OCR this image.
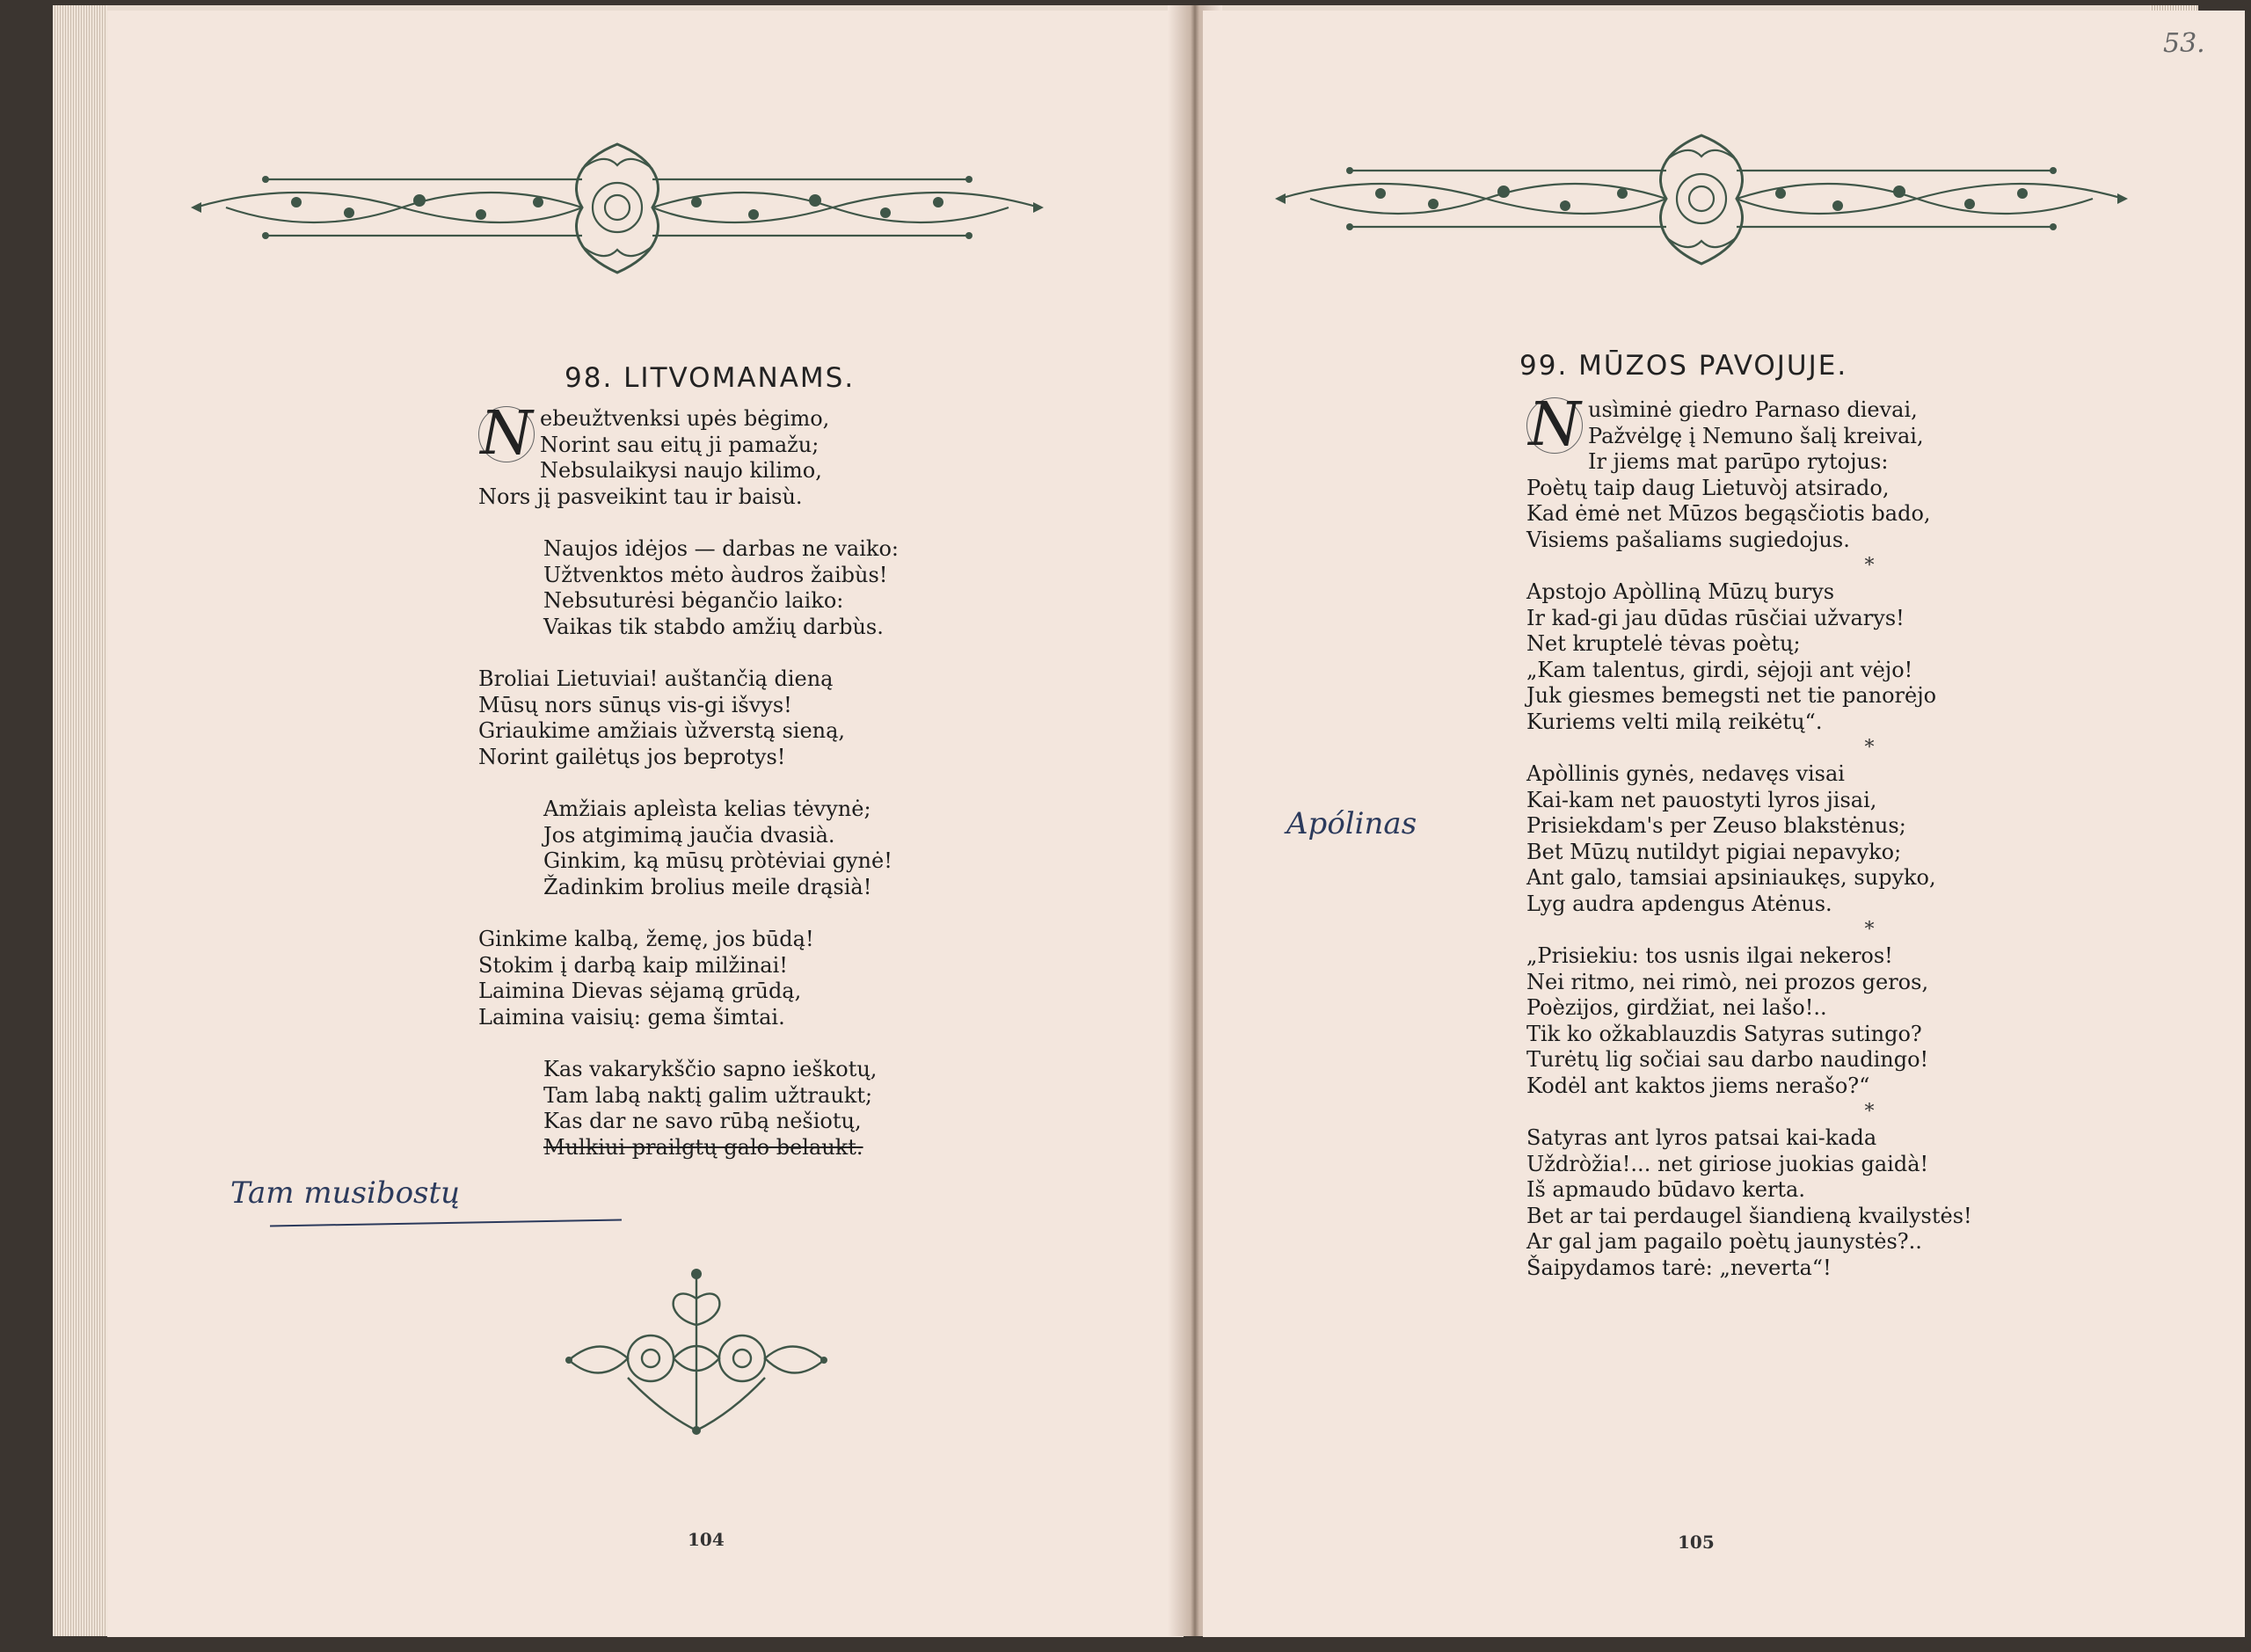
98. LITVOMANAMS.
N ebeužtvenksi upės bėgimo,
Norint sau eitų ji pamažu;
Nebsulaikysi naujo kilimo,
Nors jį pasveikint tau ir baisù.
Naujos idėjos — darbas ne vaiko:
Užtvenktos mėto àudros žaibùs!
Nebsuturėsi bėgančio laiko:
Vaikas tik stabdo amžių darbùs.
Broliai Lietuviai! auštančią dieną
Mūsų nors sūnųs vis-gi išvys!
Griaukime amžiais ùžverstą sieną,
Norint gailėtųs jos beprotys!
Amžiais apleìsta kelias tėvynė;
Jos atgimimą jaučia dvasià.
Ginkim, ką mūsų pròtėviai gynė!
Žadinkim brolius meile drąsià!
Ginkime kalbą, žemę, jos būdą!
Stokim į darbą kaip milžinai!
Laimina Dievas sėjamą grūdą,
Laimina vaisių: gema šimtai.
Kas vakarykščio sapno ieškotų,
Tam labą naktį galim užtraukt;
Kas dar ne savo rūbą nešiotų,
Mulkiui prailgtų galo belaukt.
Tam musibostų
104
53.
99. MŪZOS PAVOJUJE.
N usìminė giedro Parnaso dievai,
Pažvėlgę į Nemuno šalį kreivai,
Ir jiems mat parūpo rytojus:
Poètų taip daug Lietuvòj atsirado,
Kad ėmė net Mūzos begąsčiotis bado,
Visiems pašaliams sugiedojus.
*
Apstojo Apòlliną Mūzų burys
Ir kad-gi jau dūdas rūsčiai užvarys!
Net kruptelė tėvas poètų;
„Kam talentus, girdi, sėjoji ant vėjo!
Juk giesmes bemegsti net tie panorėjo
Kuriems velti milą reikėtų“.
*
Apòllinis gynės, nedavęs visai
Kai-kam net pauostyti lyros jisai,
Prisiekdam's per Zeuso blakstėnus;
Bet Mūzų nutildyt pigiai nepavyko;
Ant galo, tamsiai apsiniaukęs, supyko,
Lyg audra apdengus Atėnus.
*
„Prisiekiu: tos usnis ilgai nekeros!
Nei ritmo, nei rimò, nei prozos geros,
Poèzijos, girdžiat, nei lašo!..
Tik ko ožkablauzdis Satyras sutingo?
Turėtų lig sočiai sau darbo naudingo!
Kodėl ant kaktos jiems nerašo?“
*
Satyras ant lyros patsai kai-kada
Uždròžia!... net giriose juokias gaidà!
Iš apmaudo būdavo kerta.
Bet ar tai perdaugel šiandieną kvailystės!
Ar gal jam pagailo poètų jaunystės?..
Šaipydamos tarė: „neverta“!
Apólinas
105
